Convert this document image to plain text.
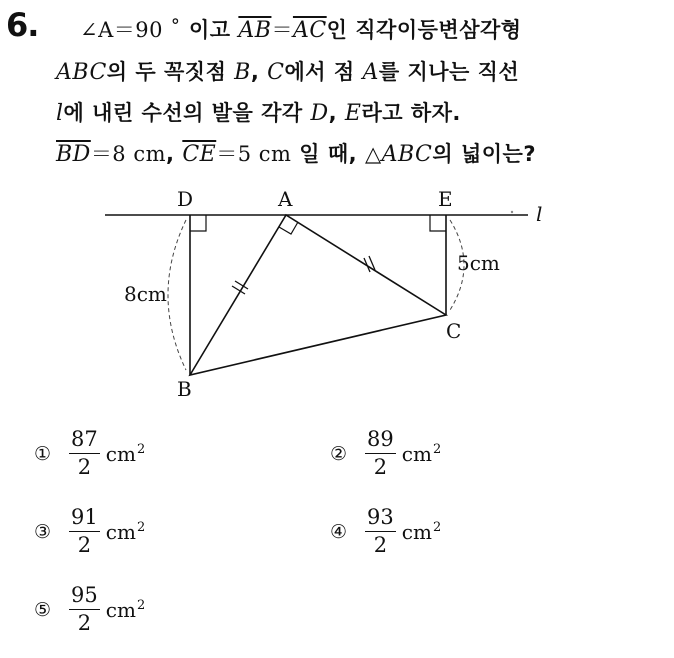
6. ∠A＝90 ˚ 이고 $\overline{AB}=\overline{AC}$인 직각이등변삼각형
ABC의 두 꼭짓점 B, C에서 점 A를 지나는 직선
l에 내린 수선의 발을 각각 D, E라고 하자.
$\overline{BD}=8$ cm, $\overline{CE}=5$ cm 일 때, △ABC의 넓이는?
D	A	E
B
C
l
8cm
5cm
① $\frac{87}{2} cm^2$	② $\frac{89}{2} cm^2$
③ $\frac{91}{2} cm^2$	④ $\frac{93}{2} cm^2$
⑤ $\frac{95}{2} cm^2$
